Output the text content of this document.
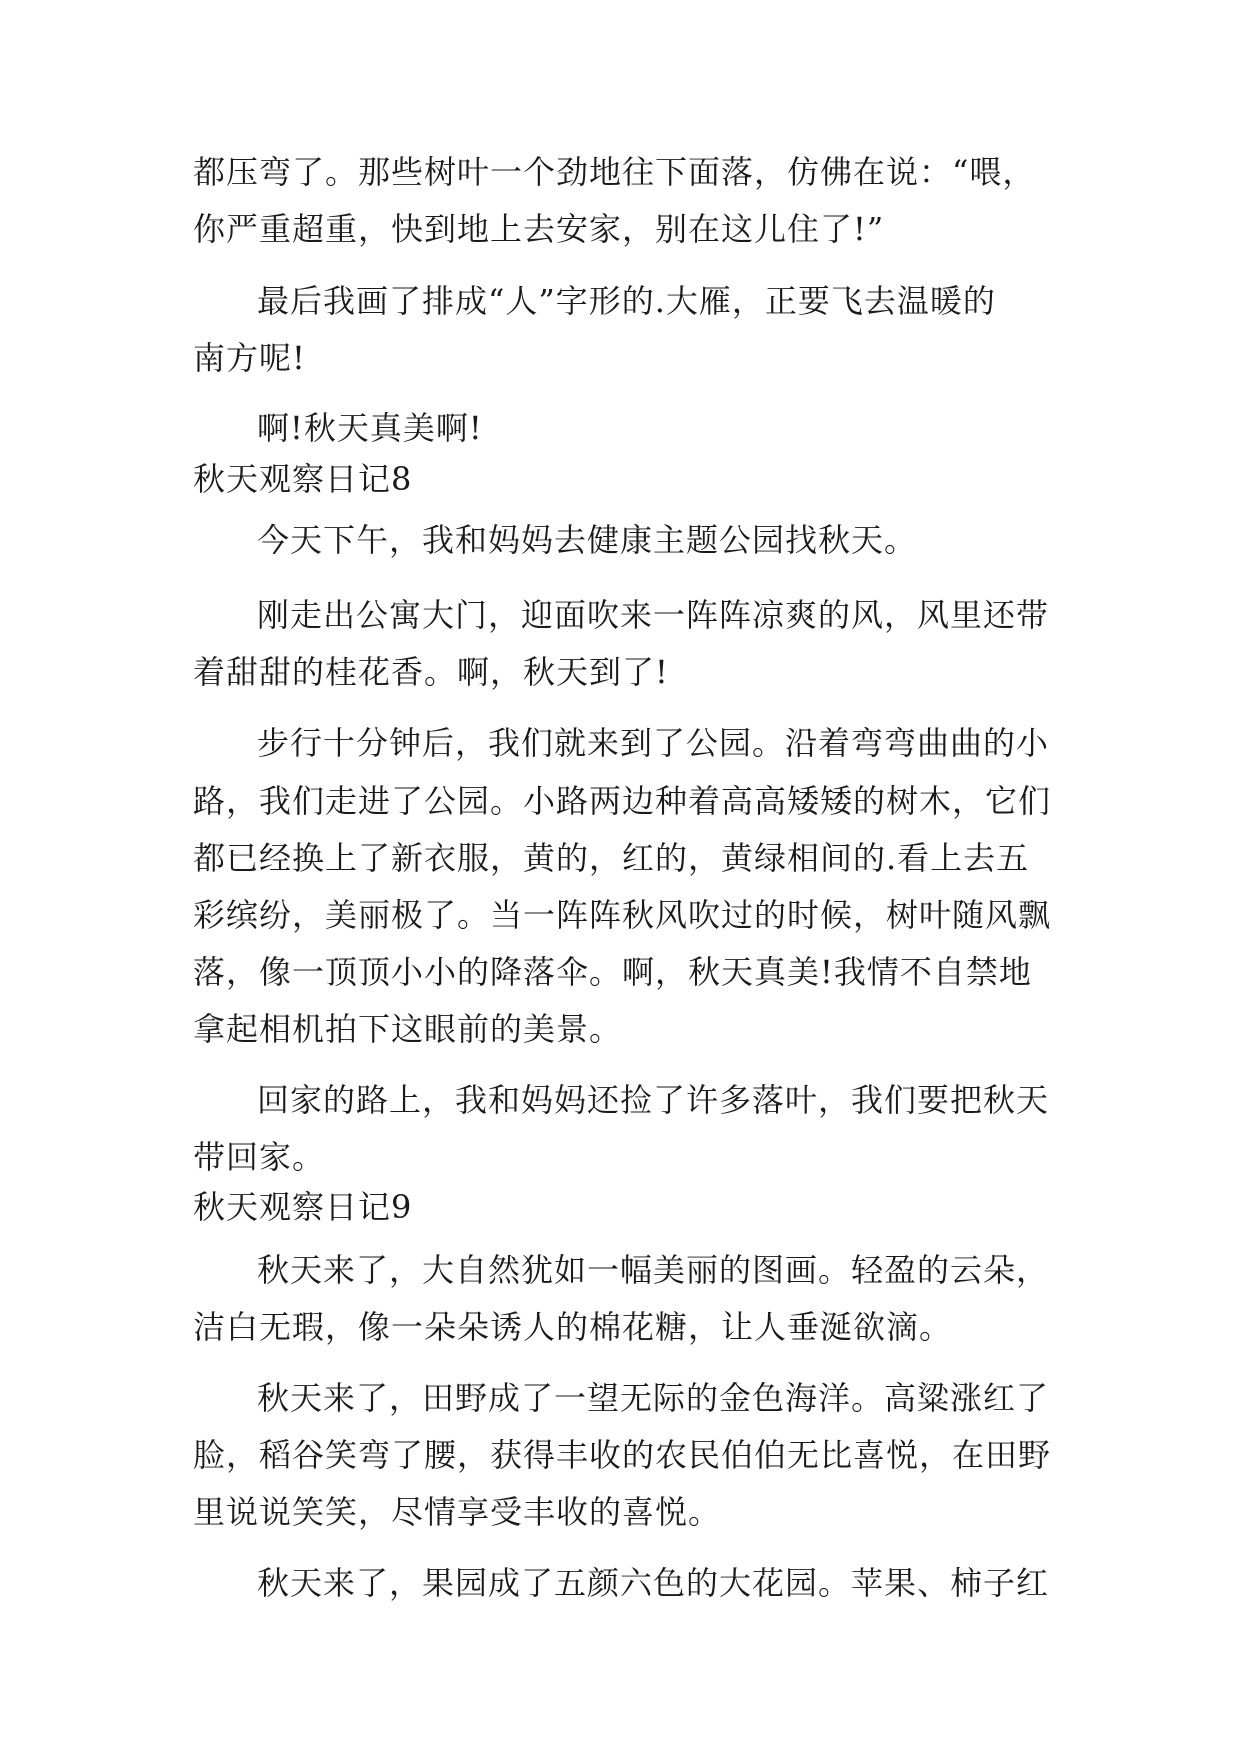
都压弯了。那些树叶一个劲地往下面落，仿佛在说：“喂，

你严重超重，快到地上去安家，别在这儿住了!”

最后我画了排成“人”字形的.大雁，正要飞去温暖的

南方呢!

啊!秋天真美啊!

秋天观察日记8

今天下午，我和妈妈去健康主题公园找秋天。

刚走出公寓大门，迎面吹来一阵阵凉爽的风，风里还带

着甜甜的桂花香。啊，秋天到了!

步行十分钟后，我们就来到了公园。沿着弯弯曲曲的小

路，我们走进了公园。小路两边种着高高矮矮的树木，它们

都已经换上了新衣服，黄的，红的，黄绿相间的.看上去五

彩缤纷，美丽极了。当一阵阵秋风吹过的时候，树叶随风飘

落，像一顶顶小小的降落伞。啊，秋天真美!我情不自禁地

拿起相机拍下这眼前的美景。

回家的路上，我和妈妈还捡了许多落叶，我们要把秋天

带回家。

秋天观察日记9

秋天来了，大自然犹如一幅美丽的图画。轻盈的云朵，

洁白无瑕，像一朵朵诱人的棉花糖，让人垂涎欲滴。

秋天来了，田野成了一望无际的金色海洋。高粱涨红了

脸，稻谷笑弯了腰，获得丰收的农民伯伯无比喜悦，在田野

里说说笑笑，尽情享受丰收的喜悦。

秋天来了，果园成了五颜六色的大花园。苹果、柿子红
